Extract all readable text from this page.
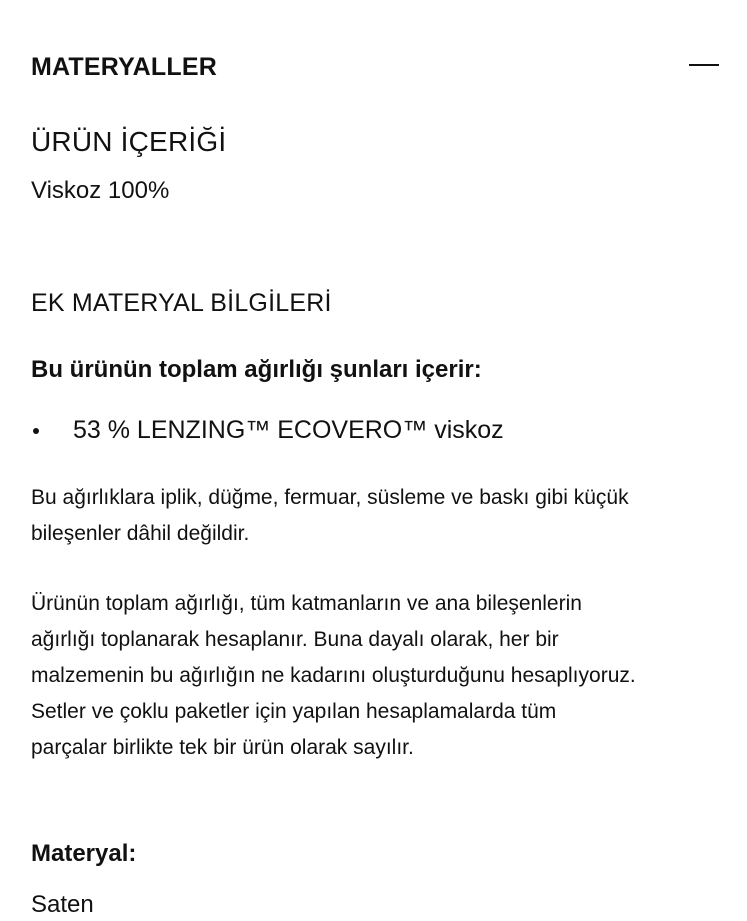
MATERYALLER
ÜRÜN İÇERİĞİ
Viskoz 100%
EK MATERYAL BİLGİLERİ
Bu ürünün toplam ağırlığı şunları içerir:
53 % LENZING™ ECOVERO™ viskoz
Bu ağırlıklara iplik, düğme, fermuar, süsleme ve baskı gibi küçük
bileşenler dâhil değildir.
Ürünün toplam ağırlığı, tüm katmanların ve ana bileşenlerin
ağırlığı toplanarak hesaplanır. Buna dayalı olarak, her bir
malzemenin bu ağırlığın ne kadarını oluşturduğunu hesaplıyoruz.
Setler ve çoklu paketler için yapılan hesaplamalarda tüm
parçalar birlikte tek bir ürün olarak sayılır.
Materyal:
Saten
